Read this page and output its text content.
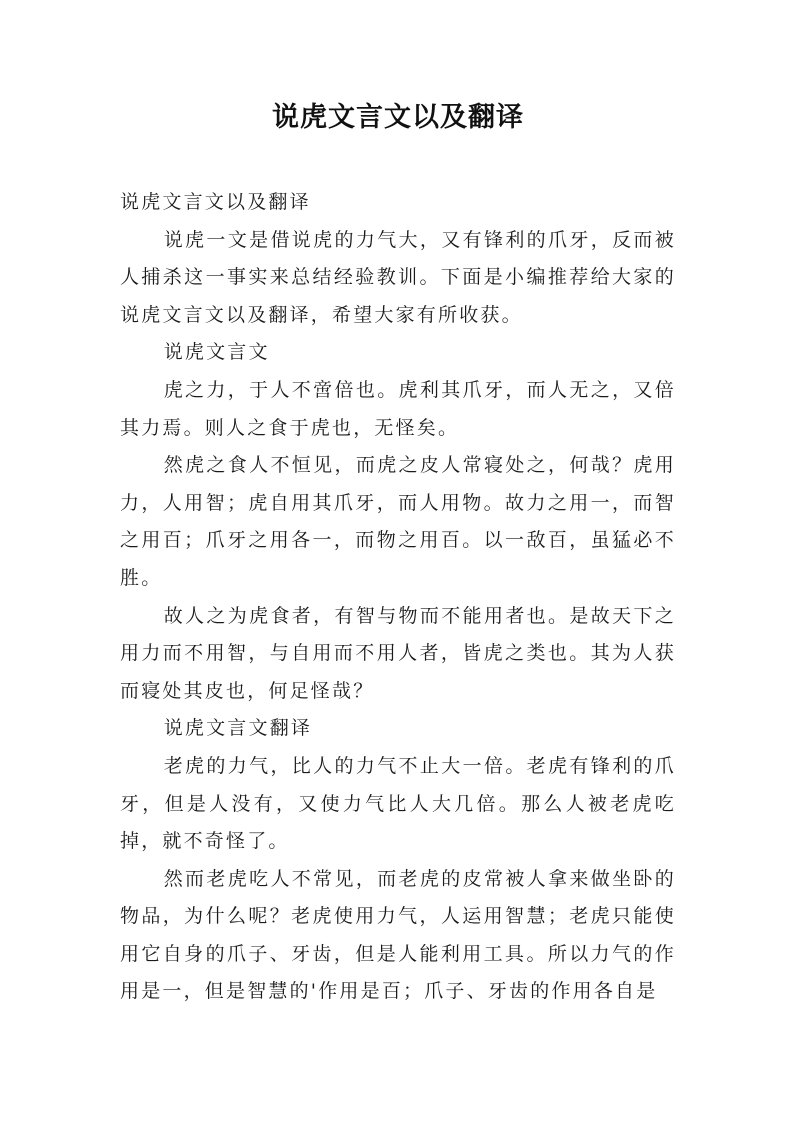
说虎文言文以及翻译

说虎文言文以及翻译

说虎一文是借说虎的力气大，又有锋利的爪牙，反而被人捕杀这一事实来总结经验教训。下面是小编推荐给大家的说虎文言文以及翻译，希望大家有所收获。

说虎文言文

虎之力，于人不啻倍也。虎利其爪牙，而人无之，又倍其力焉。则人之食于虎也，无怪矣。

然虎之食人不恒见，而虎之皮人常寝处之，何哉？虎用力，人用智；虎自用其爪牙，而人用物。故力之用一，而智之用百；爪牙之用各一，而物之用百。以一敌百，虽猛必不胜。

故人之为虎食者，有智与物而不能用者也。是故天下之用力而不用智，与自用而不用人者，皆虎之类也。其为人获而寝处其皮也，何足怪哉？

说虎文言文翻译

老虎的力气，比人的力气不止大一倍。老虎有锋利的爪牙，但是人没有，又使力气比人大几倍。那么人被老虎吃掉，就不奇怪了。

然而老虎吃人不常见，而老虎的皮常被人拿来做坐卧的物品，为什么呢？老虎使用力气，人运用智慧；老虎只能使用它自身的爪子、牙齿，但是人能利用工具。所以力气的作用是一，但是智慧的'作用是百；爪子、牙齿的作用各自是
